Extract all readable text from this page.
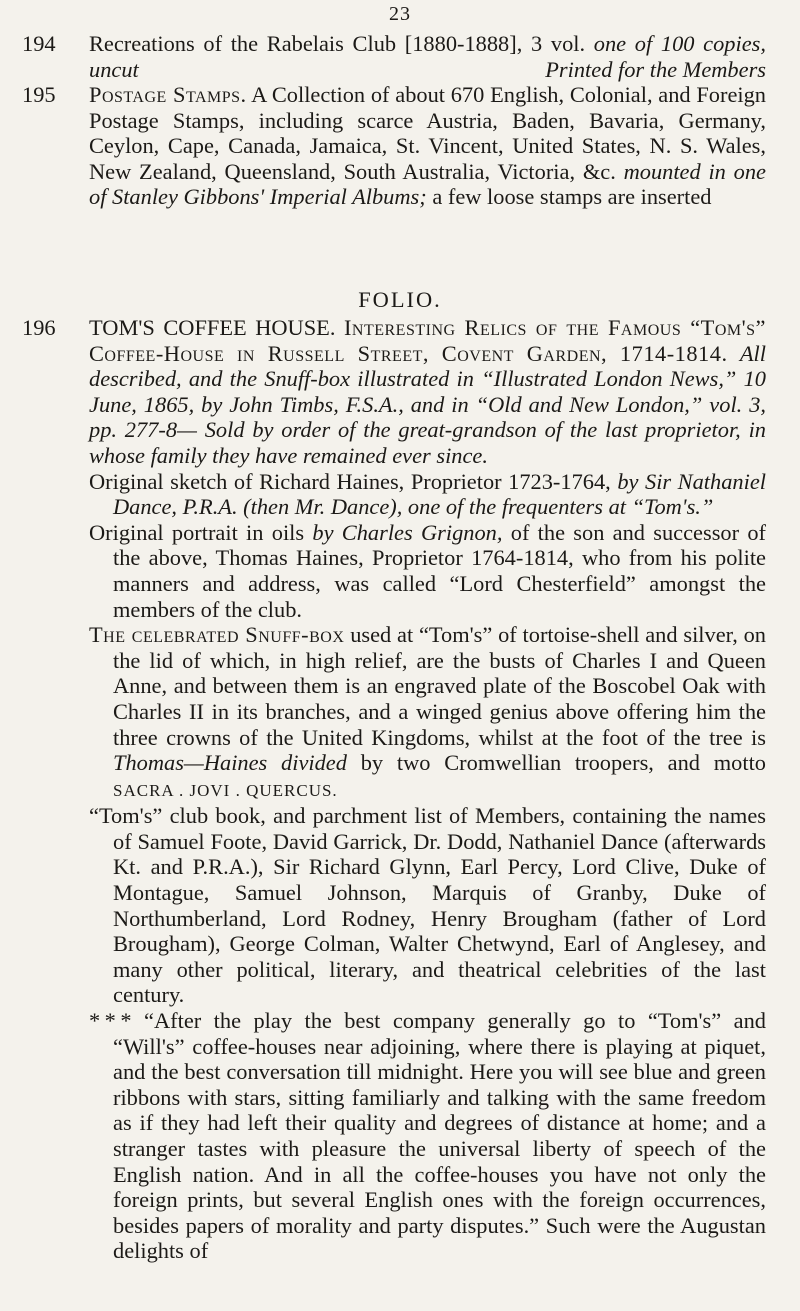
23
194 Recreations of the Rabelais Club [1880-1888], 3 vol. one of 100 copies, uncut	Printed for the Members

195 Postage Stamps. A Collection of about 670 English, Colonial, and Foreign Postage Stamps, including scarce Austria, Baden, Bavaria, Germany, Ceylon, Cape, Canada, Jamaica, St. Vincent, United States, N. S. Wales, New Zealand, Queensland, South Australia, Victoria, &c. mounted in one of Stanley Gibbons' Imperial Albums; a few loose stamps are inserted

FOLIO.
196 TOM'S COFFEE HOUSE. Interesting Relics of the Famous “Tom's” Coffee-House in Russell Street, Covent Garden, 1714-1814. All described, and the Snuff-box illustrated in “Illustrated London News,” 10 June, 1865, by John Timbs, F.S.A., and in “Old and New London,” vol. 3, pp. 277-8— Sold by order of the great-grandson of the last proprietor, in whose family they have remained ever since.

Original sketch of Richard Haines, Proprietor 1723-1764, by Sir Nathaniel Dance, P.R.A. (then Mr. Dance), one of the frequenters at “Tom's.”

Original portrait in oils by Charles Grignon, of the son and successor of the above, Thomas Haines, Proprietor 1764-1814, who from his polite manners and address, was called “Lord Chesterfield” amongst the members of the club.

The celebrated Snuff-box used at “Tom's” of tortoise-shell and silver, on the lid of which, in high relief, are the busts of Charles I and Queen Anne, and between them is an engraved plate of the Boscobel Oak with Charles II in its branches, and a winged genius above offering him the three crowns of the United Kingdoms, whilst at the foot of the tree is Thomas—Haines divided by two Cromwellian troopers, and motto SACRA . JOVI . QUERCUS.

“Tom's” club book, and parchment list of Members, containing the names of Samuel Foote, David Garrick, Dr. Dodd, Nathaniel Dance (afterwards Kt. and P.R.A.), Sir Richard Glynn, Earl Percy, Lord Clive, Duke of Montague, Samuel Johnson, Marquis of Granby, Duke of Northumberland, Lord Rodney, Henry Brougham (father of Lord Brougham), George Colman, Walter Chetwynd, Earl of Anglesey, and many other political, literary, and theatrical celebrities of the last century.

* * * “After the play the best company generally go to “Tom's” and “Will's” coffee-houses near adjoining, where there is playing at piquet, and the best conversation till midnight. Here you will see blue and green ribbons with stars, sitting familiarly and talking with the same freedom as if they had left their quality and degrees of distance at home; and a stranger tastes with pleasure the universal liberty of speech of the English nation. And in all the coffee-houses you have not only the foreign prints, but several English ones with the foreign occurrences, besides papers of morality and party disputes.” Such were the Augustan delights of
